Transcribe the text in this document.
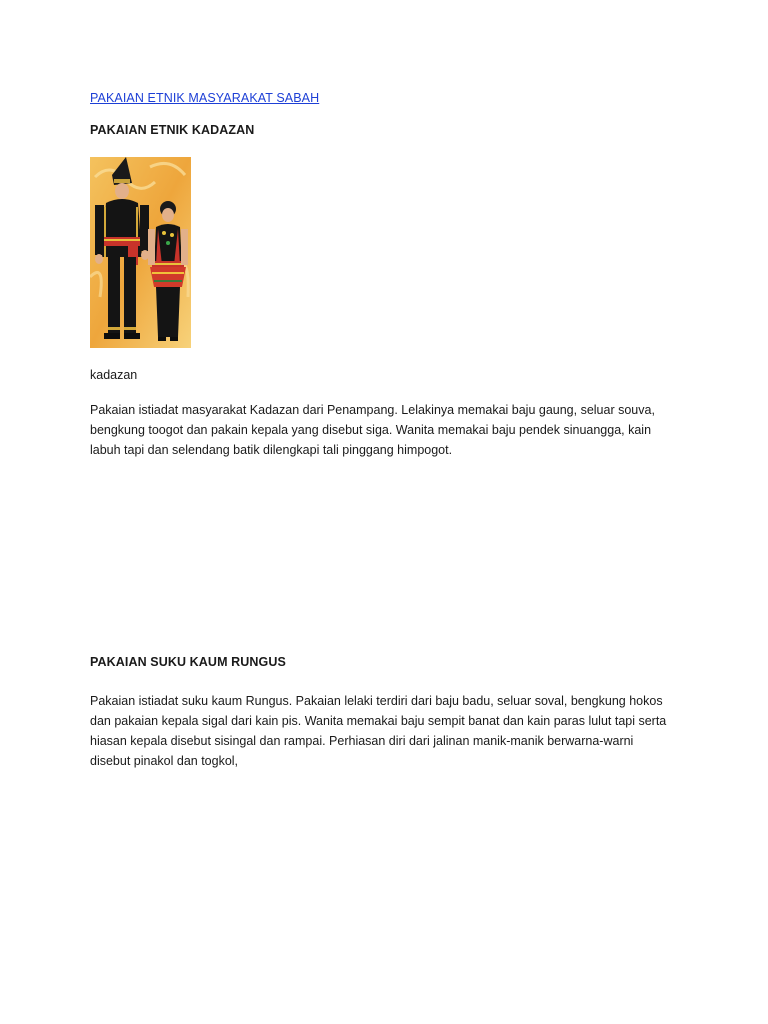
PAKAIAN ETNIK MASYARAKAT SABAH
PAKAIAN ETNIK KADAZAN
kadazan

Pakaian istiadat masyarakat Kadazan dari Penampang. Lelakinya memakai baju gaung, seluar souva,
bengkung toogot dan pakain kepala yang disebut siga. Wanita memakai baju pendek sinuangga, kain
labuh tapi dan selendang batik dilengkapi tali pinggang himpogot.

PAKAIAN SUKU KAUM RUNGUS

Pakaian istiadat suku kaum Rungus. Pakaian lelaki terdiri dari baju badu, seluar soval, bengkung hokos
dan pakaian kepala sigal dari kain pis. Wanita memakai baju sempit banat dan kain paras lulut tapi serta
hiasan kepala disebut sisingal dan rampai. Perhiasan diri dari jalinan manik-manik berwarna-warni
disebut pinakol dan togkol,
